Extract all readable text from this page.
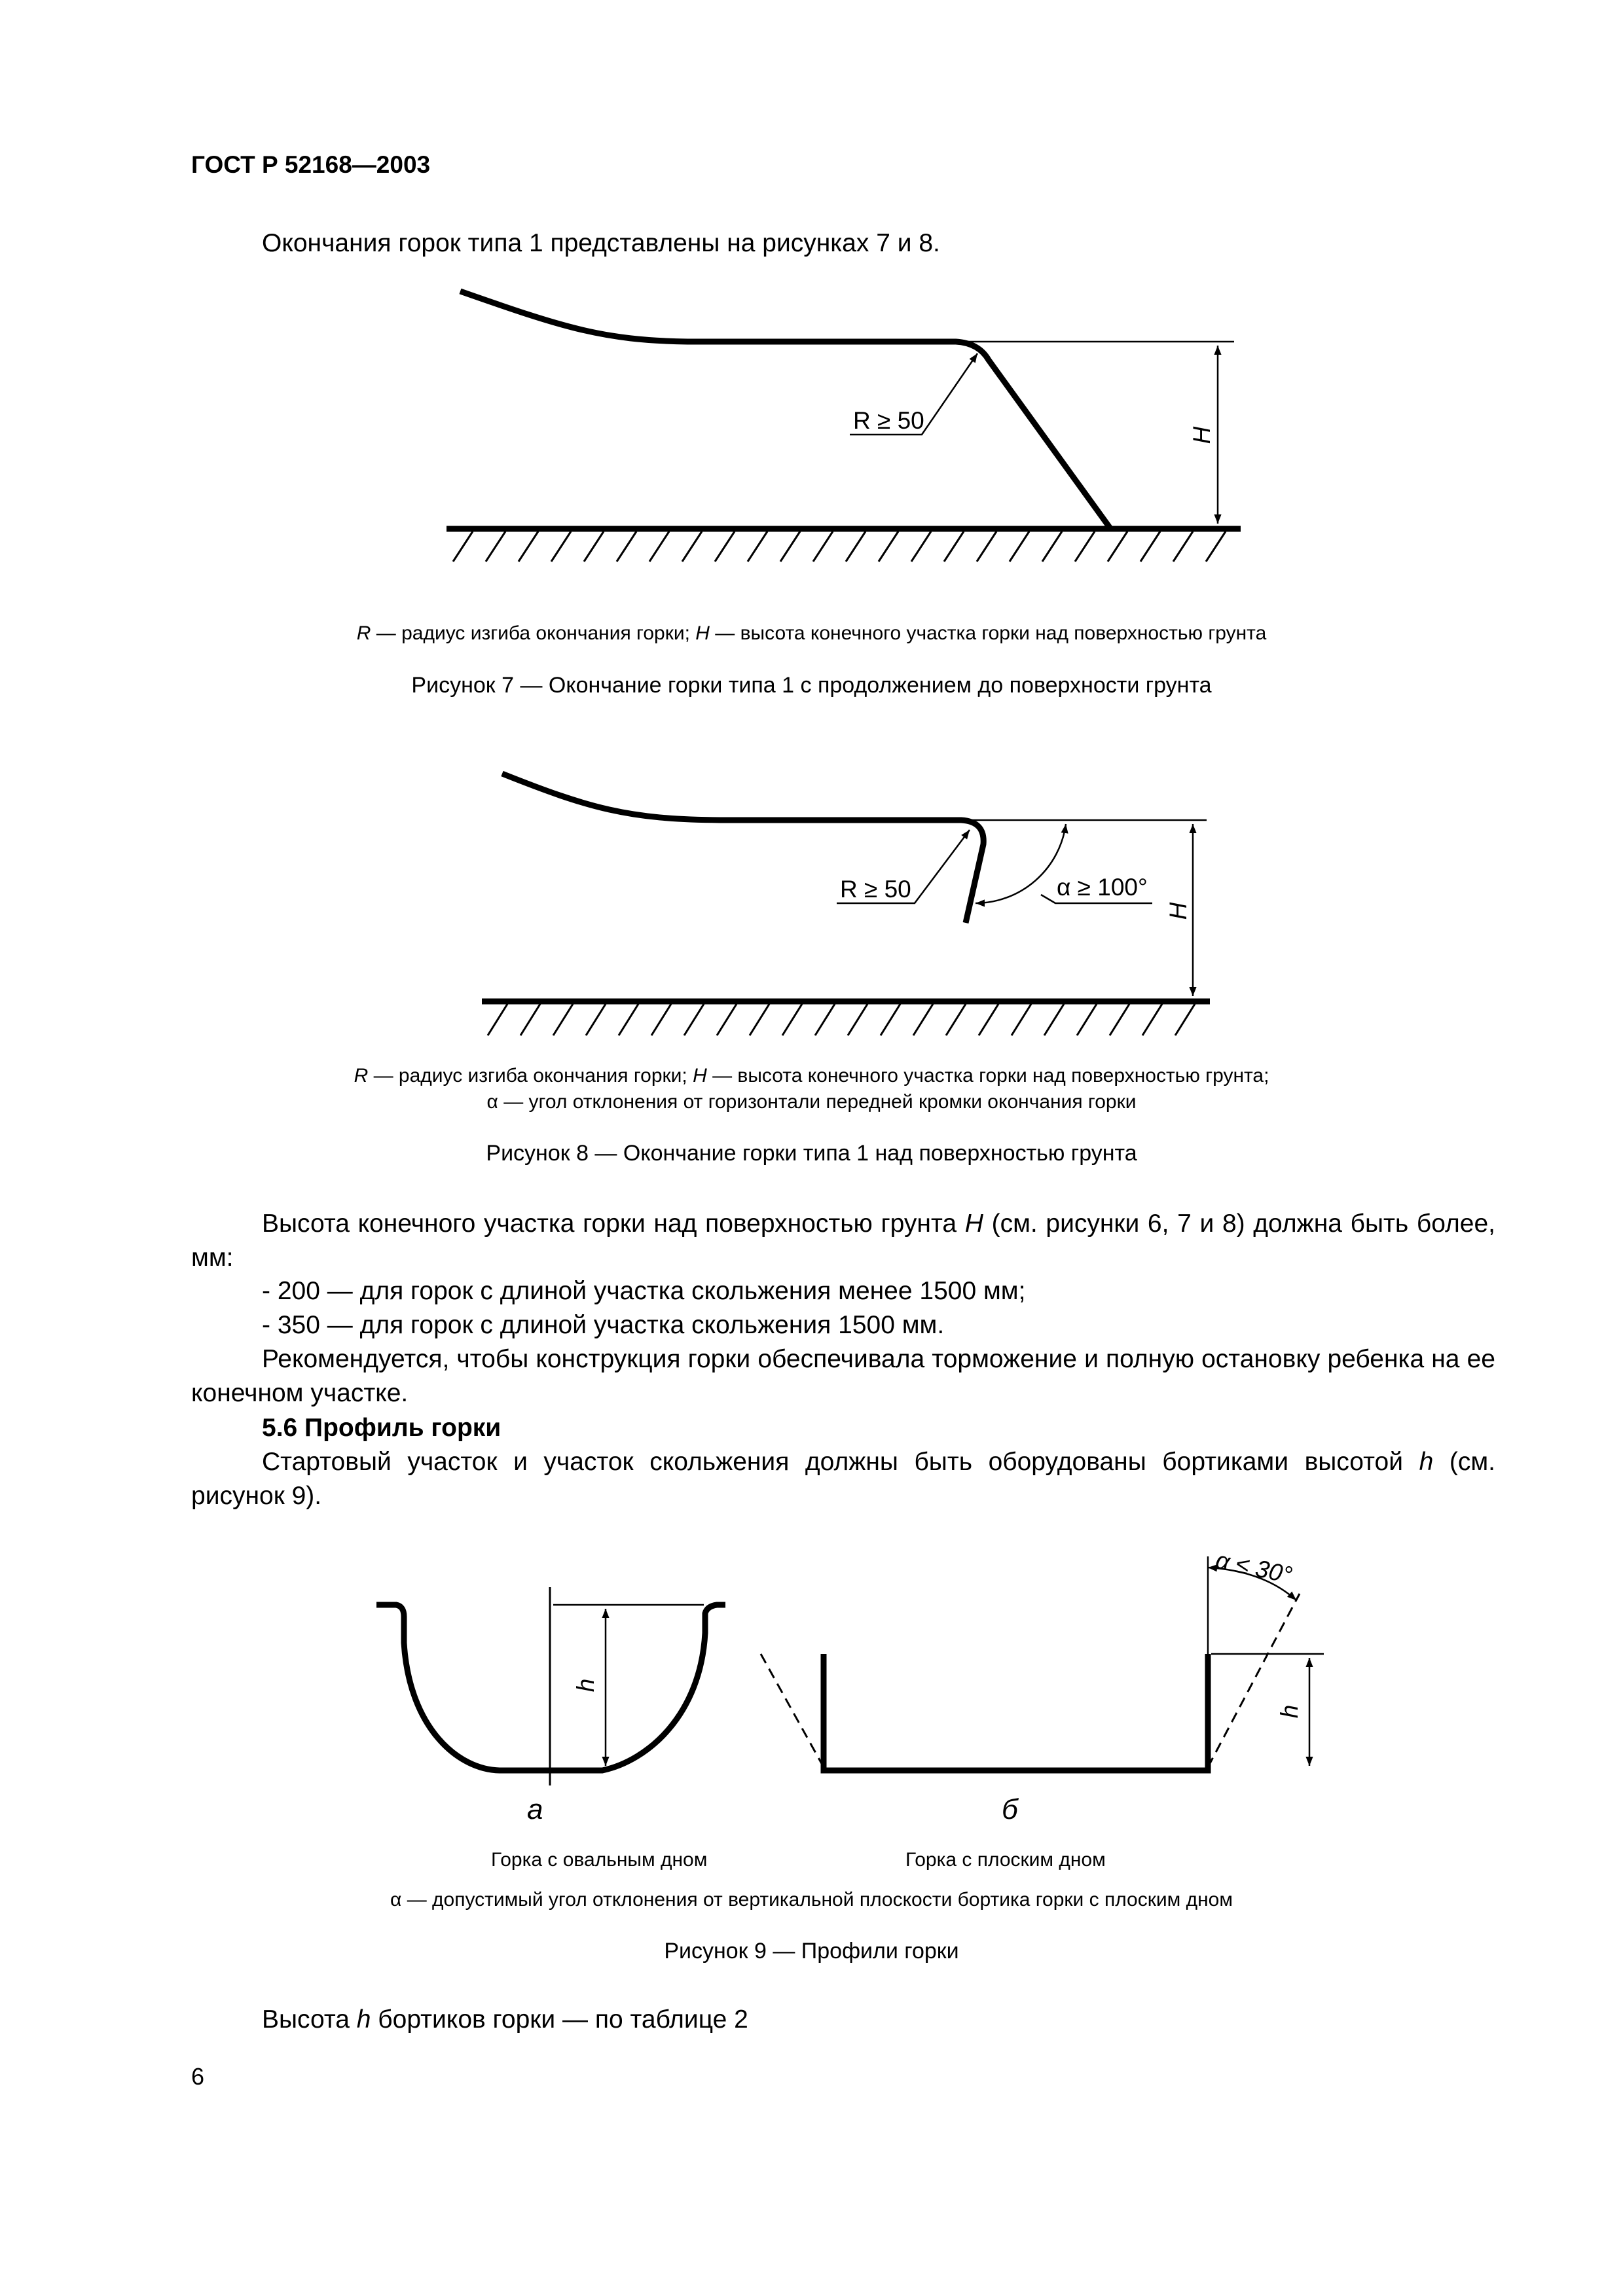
ГОСТ Р 52168—2003
Окончания горок типа 1 представлены на рисунках 7 и 8.
R ≥ 50
H
R ≥ 50	α ≥ 100°
H
h
α ≤ 30°
h
R — радиус изгиба окончания горки; H — высота конечного участка горки над поверхностью грунта
Рисунок 7 — Окончание горки типа 1 с продолжением до поверхности грунта
R — радиус изгиба окончания горки; H — высота конечного участка горки над поверхностью грунта;
α — угол отклонения от горизонтали передней кромки окончания горки
Рисунок 8 — Окончание горки типа 1 над поверхностью грунта
Высота конечного участка горки над поверхностью грунта H (см. рисунки 6, 7 и 8) должна быть более, мм:
- 200 — для горок с длиной участка скольжения менее 1500 мм;
- 350 — для горок с длиной участка скольжения 1500 мм.
Рекомендуется, чтобы конструкция горки обеспечивала торможение и полную остановку ребенка на ее конечном участке.
5.6 Профиль горки
Стартовый участок и участок скольжения должны быть оборудованы бортиками высотой h (см. рисунок 9).
а	б
Горка с овальным дном	Горка с плоским дном
α — допустимый угол отклонения от вертикальной плоскости бортика горки с плоским дном
Рисунок 9 — Профили горки
Высота h бортиков горки — по таблице 2
6
